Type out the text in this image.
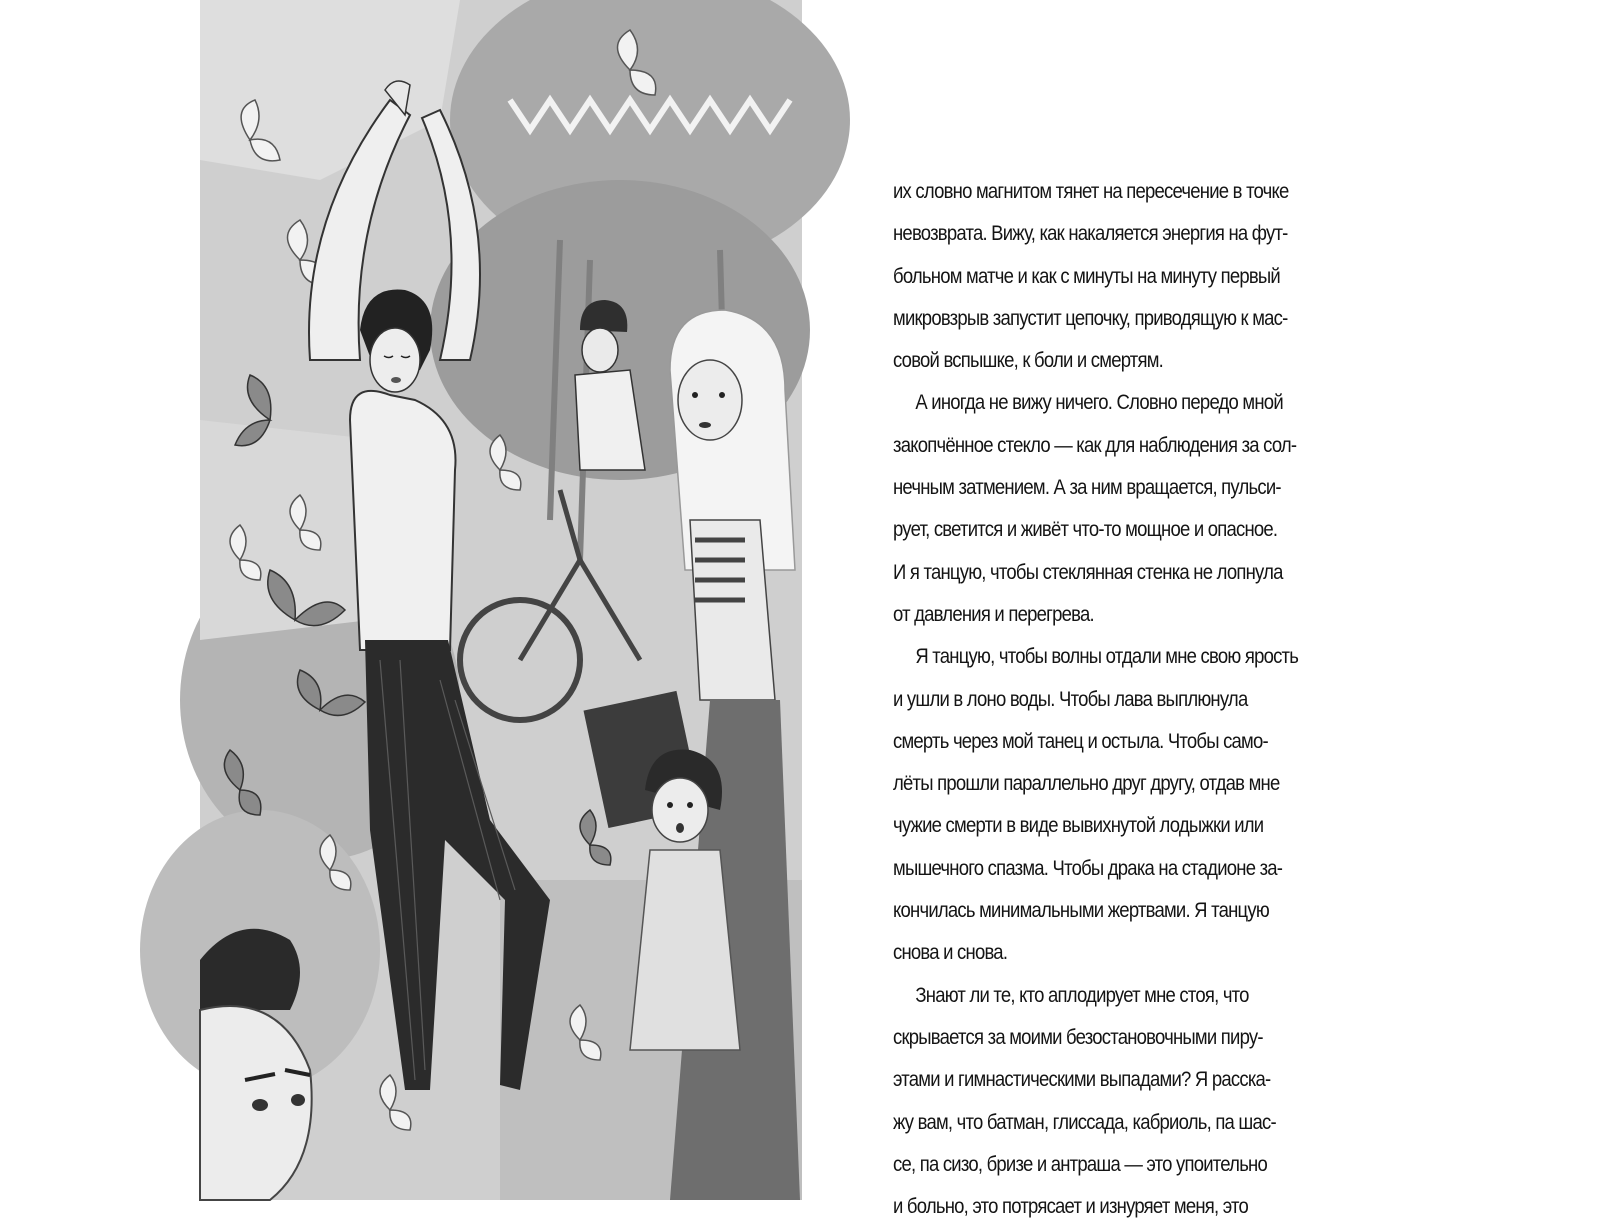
их словно магнитом тянет на пересечение в точке
невозврата. Вижу, как накаляется энергия на фут-
больном матче и как с минуты на минуту первый
микровзрыв запустит цепочку, приводящую к мас-
совой вспышке, к боли и смертям.
А иногда не вижу ничего. Словно передо мной
закопчённое стекло — как для наблюдения за сол-
нечным затмением. А за ним вращается, пульси-
рует, светится и живёт что-то мощное и опасное.
И я танцую, чтобы стеклянная стенка не лопнула
от давления и перегрева.
Я танцую, чтобы волны отдали мне свою ярость
и ушли в лоно воды. Чтобы лава выплюнула
смерть через мой танец и остыла. Чтобы само-
лёты прошли параллельно друг другу, отдав мне
чужие смерти в виде вывихнутой лодыжки или
мышечного спазма. Чтобы драка на стадионе за-
кончилась минимальными жертвами. Я танцую
снова и снова.
Знают ли те, кто аплодирует мне стоя, что
скрывается за моими безостановочными пиру-
этами и гимнастическими выпадами? Я расска-
жу вам, что батман, глиссада, кабриоль, па шас-
се, па сизо, бризе и антраша — это упоительно
и больно, это потрясает и изнуряет меня, это
